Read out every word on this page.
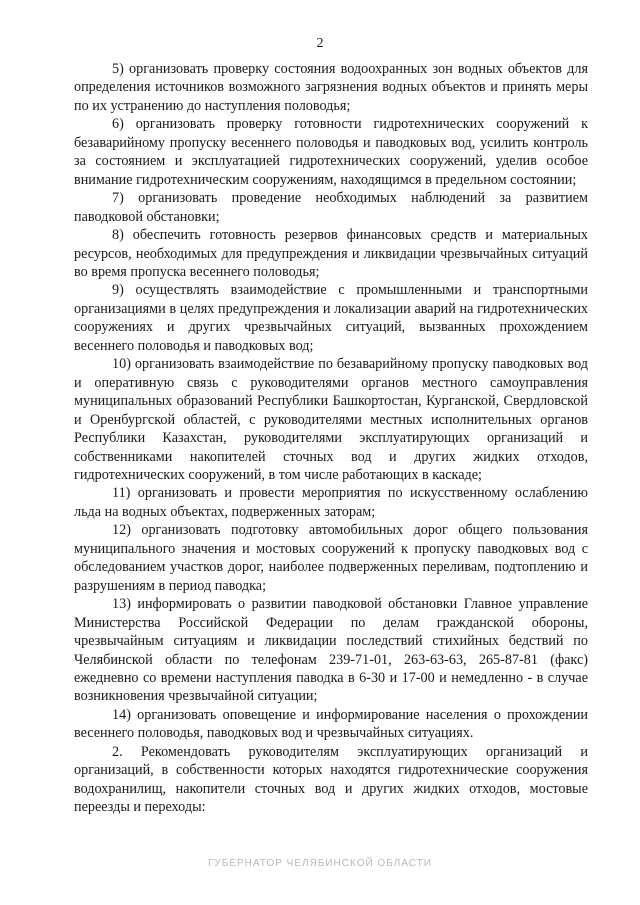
2

5) организовать проверку состояния водоохранных зон водных объектов для определения источников возможного загрязнения водных объектов и принять меры по их устранению до наступления половодья;

6) организовать проверку готовности гидротехнических сооружений к безаварийному пропуску весеннего половодья и паводковых вод, усилить контроль за состоянием и эксплуатацией гидротехнических сооружений, уделив особое внимание гидротехническим сооружениям, находящимся в предельном состоянии;

7) организовать проведение необходимых наблюдений за развитием паводковой обстановки;

8) обеспечить готовность резервов финансовых средств и материальных ресурсов, необходимых для предупреждения и ликвидации чрезвычайных ситуаций во время пропуска весеннего половодья;

9) осуществлять взаимодействие с промышленными и транспортными организациями в целях предупреждения и локализации аварий на гидротехнических сооружениях и других чрезвычайных ситуаций, вызванных прохождением весеннего половодья и паводковых вод;

10) организовать взаимодействие по безаварийному пропуску паводковых вод и оперативную связь с руководителями органов местного самоуправления муниципальных образований Республики Башкортостан, Курганской, Свердловской и Оренбургской областей, с руководителями местных исполнительных органов Республики Казахстан, руководителями эксплуатирующих организаций и собственниками накопителей сточных вод и других жидких отходов, гидротехнических сооружений, в том числе работающих в каскаде;

11) организовать и провести мероприятия по искусственному ослаблению льда на водных объектах, подверженных заторам;

12) организовать подготовку автомобильных дорог общего пользования муниципального значения и мостовых сооружений к пропуску паводковых вод с обследованием участков дорог, наиболее подверженных переливам, подтоплению и разрушениям в период паводка;

13) информировать о развитии паводковой обстановки Главное управление Министерства Российской Федерации по делам гражданской обороны, чрезвычайным ситуациям и ликвидации последствий стихийных бедствий по Челябинской области по телефонам 239-71-01, 263-63-63, 265-87-81 (факс) ежедневно со времени наступления паводка в 6-30 и 17-00 и немедленно - в случае возникновения чрезвычайной ситуации;

14) организовать оповещение и информирование населения о прохождении весеннего половодья, паводковых вод и чрезвычайных ситуациях.

2. Рекомендовать руководителям эксплуатирующих организаций и организаций, в собственности которых находятся гидротехнические сооружения водохранилищ, накопители сточных вод и других жидких отходов, мостовые переезды и переходы:

ГУБЕРНАТОР ЧЕЛЯБИНСКОЙ ОБЛАСТИ
